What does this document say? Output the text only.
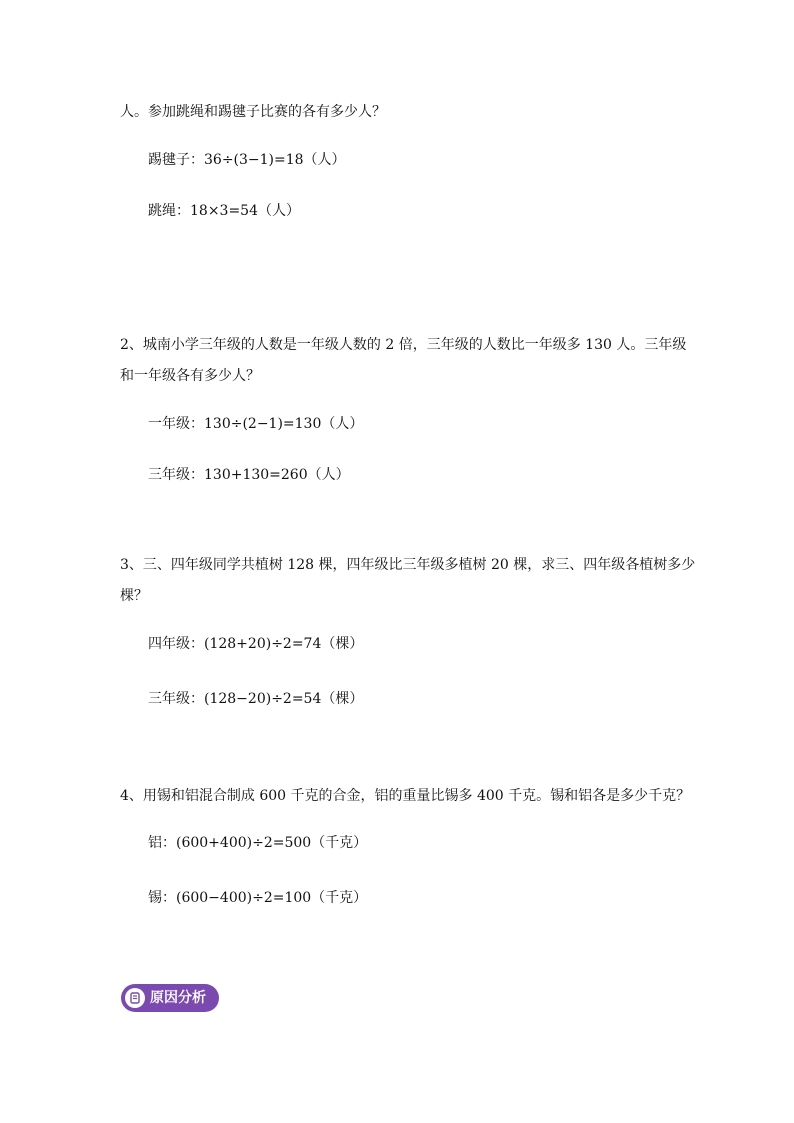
人。参加跳绳和踢毽子比赛的各有多少人？
踢毽子：36÷(3−1)=18（人）
跳绳：18×3=54（人）
2、城南小学三年级的人数是一年级人数的 2 倍，三年级的人数比一年级多 130 人。三年级
和一年级各有多少人？
一年级：130÷(2−1)=130（人）
三年级：130+130=260（人）
3、三、四年级同学共植树 128 棵，四年级比三年级多植树 20 棵，求三、四年级各植树多少
棵？
四年级：(128+20)÷2=74（棵）
三年级：(128−20)÷2=54（棵）
4、用锡和铝混合制成 600 千克的合金，铝的重量比锡多 400 千克。锡和铝各是多少千克？
铝：(600+400)÷2=500（千克）
锡：(600−400)÷2=100（千克）
原因分析
